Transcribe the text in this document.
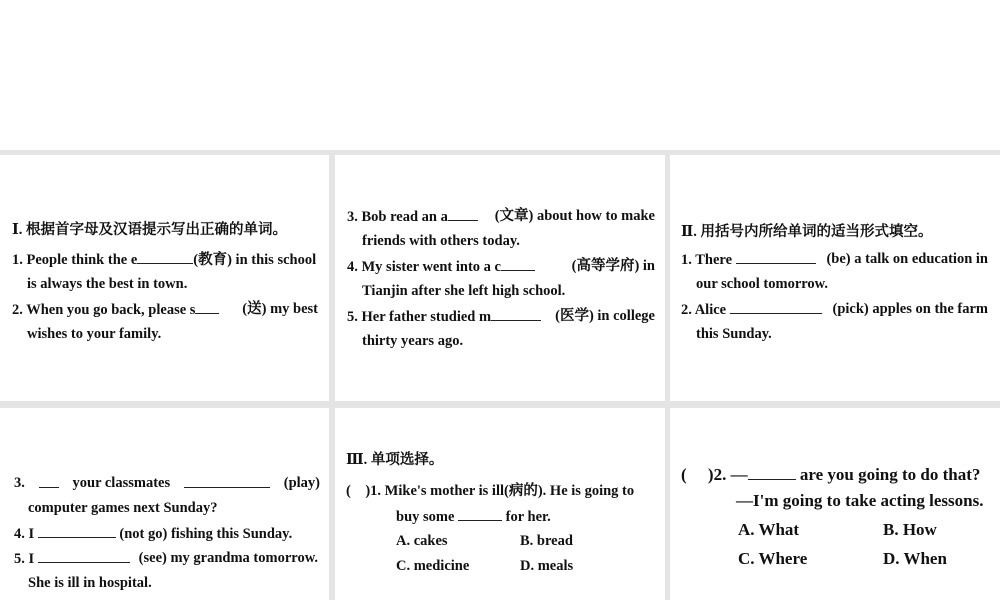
Ⅰ. 根据首字母及汉语提示写出正确的单词。
1. People think the e	(教育) in this school
is always the best in town.
2. When you go back, please s	(送) my best
wishes to your family.
3. Bob read an a	(文章) about how to make
friends with others today.
4. My sister went into a c	(高等学府) in
Tianjin after she left high school.
5. Her father studied m	(医学) in college
thirty years ago.
Ⅱ. 用括号内所给单词的适当形式填空。
1. There	(be) a talk on education in
our school tomorrow.
2. Alice	(pick) apples on the farm
this Sunday.
3.	your classmates	(play)
computer games next Sunday?
4. I	(not go) fishing this Sunday.
5. I	(see) my grandma tomorrow.
She is ill in hospital.
Ⅲ. 单项选择。
( )1. Mike's mother is ill(病的). He is going to
buy some	for her.
A. cakes	B. bread
C. medicine	D. meals
( )2. —	are you going to do that?
—I'm going to take acting lessons.
A. What	B. How
C. Where	D. When
